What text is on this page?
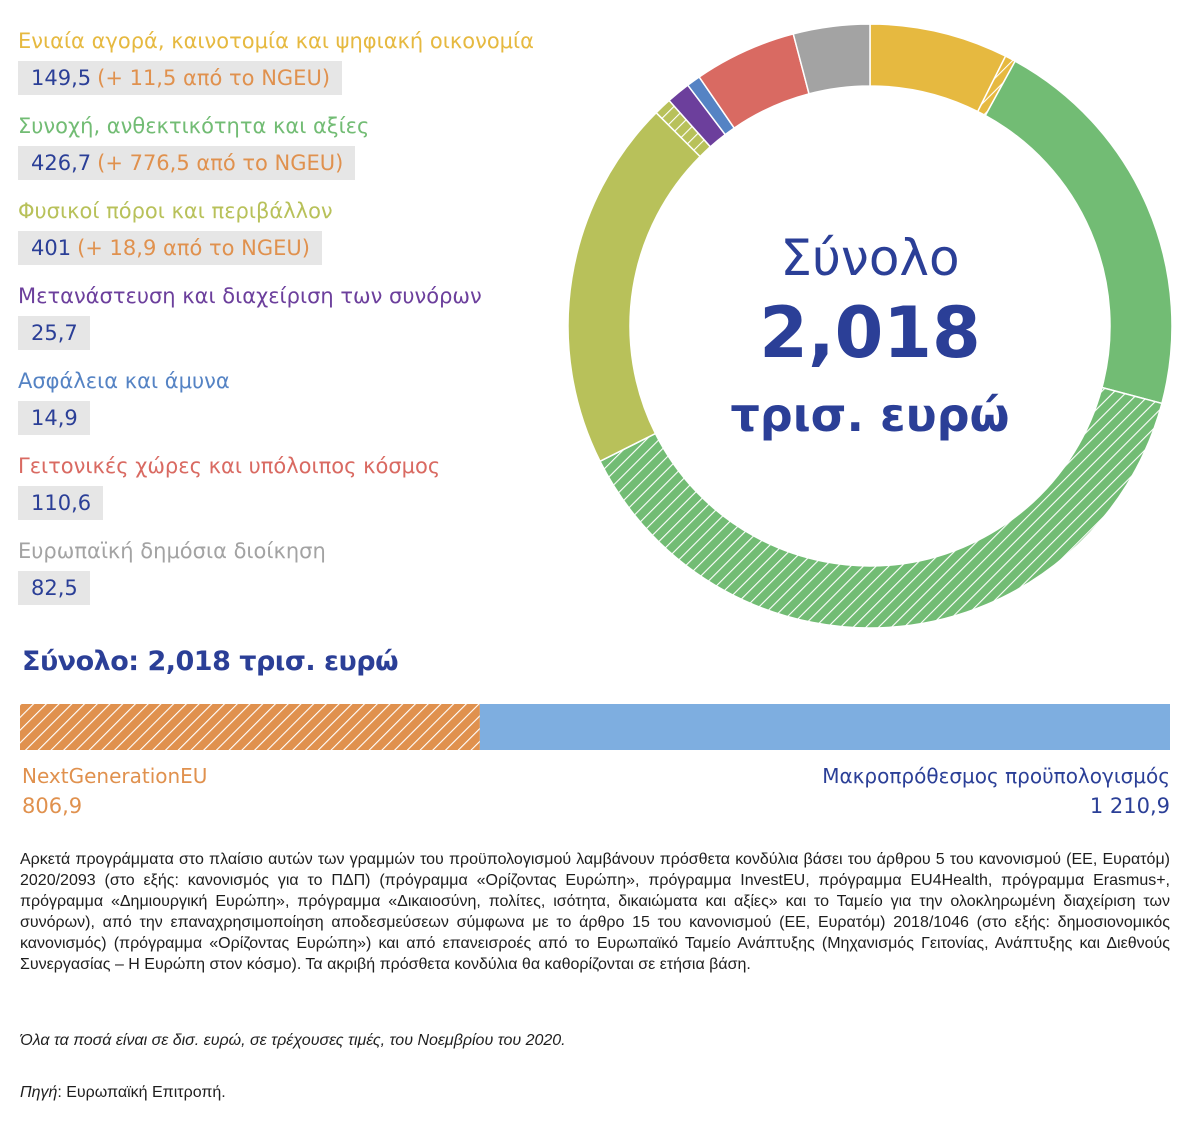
Ενιαία αγορά, καινοτομία και ψηφιακή οικονομία
149,5 (+ 11,5 από το NGEU)
Συνοχή, ανθεκτικότητα και αξίες
426,7 (+ 776,5 από το NGEU)
Φυσικοί πόροι και περιβάλλον
401 (+ 18,9 από το NGEU)
Μετανάστευση και διαχείριση των συνόρων
25,7
Ασφάλεια και άμυνα
14,9
Γειτονικές χώρες και υπόλοιπος κόσμος
110,6
Ευρωπαϊκή δημόσια διοίκηση
82,5
Σύνολο
2,018
τρισ. ευρώ
Σύνολο: 2,018 τρισ. ευρώ
NextGenerationEU
806,9
Μακροπρόθεσμος προϋπολογισμός
1 210,9

Αρκετά προγράμματα στο πλαίσιο αυτών των γραμμών του προϋπολογισμού λαμβάνουν πρόσθετα κονδύλια βάσει του άρθρου 5 του κανονισμού (ΕΕ, Ευρατόμ) 2020/2093 (στο εξής: κανονισμός για το ΠΔΠ) (πρόγραμμα «Ορίζοντας Ευρώπη», πρόγραμμα InvestEU, πρόγραμμα EU4Health, πρόγραμμα Erasmus+, πρόγραμμα «Δημιουργική Ευρώπη», πρόγραμμα «Δικαιοσύνη, πολίτες, ισότητα, δικαιώματα και αξίες» και το Ταμείο για την ολοκληρωμένη διαχείριση των συνόρων), από την επαναχρησιμοποίηση αποδεσμεύσεων σύμφωνα με το άρθρο 15 του κανονισμού (ΕΕ, Ευρατόμ) 2018/1046 (στο εξής: δημοσιονομικός κανονισμός) (πρόγραμμα «Ορίζοντας Ευρώπη») και από επανεισροές από το Ευρωπαϊκό Ταμείο Ανάπτυξης (Μηχανισμός Γειτονίας, Ανάπτυξης και Διεθνούς Συνεργασίας – Η Ευρώπη στον κόσμο). Τα ακριβή πρόσθετα κονδύλια θα καθορίζονται σε ετήσια βάση.

Όλα τα ποσά είναι σε δισ. ευρώ, σε τρέχουσες τιμές, του Νοεμβρίου του 2020.
Πηγή: Ευρωπαϊκή Επιτροπή.
